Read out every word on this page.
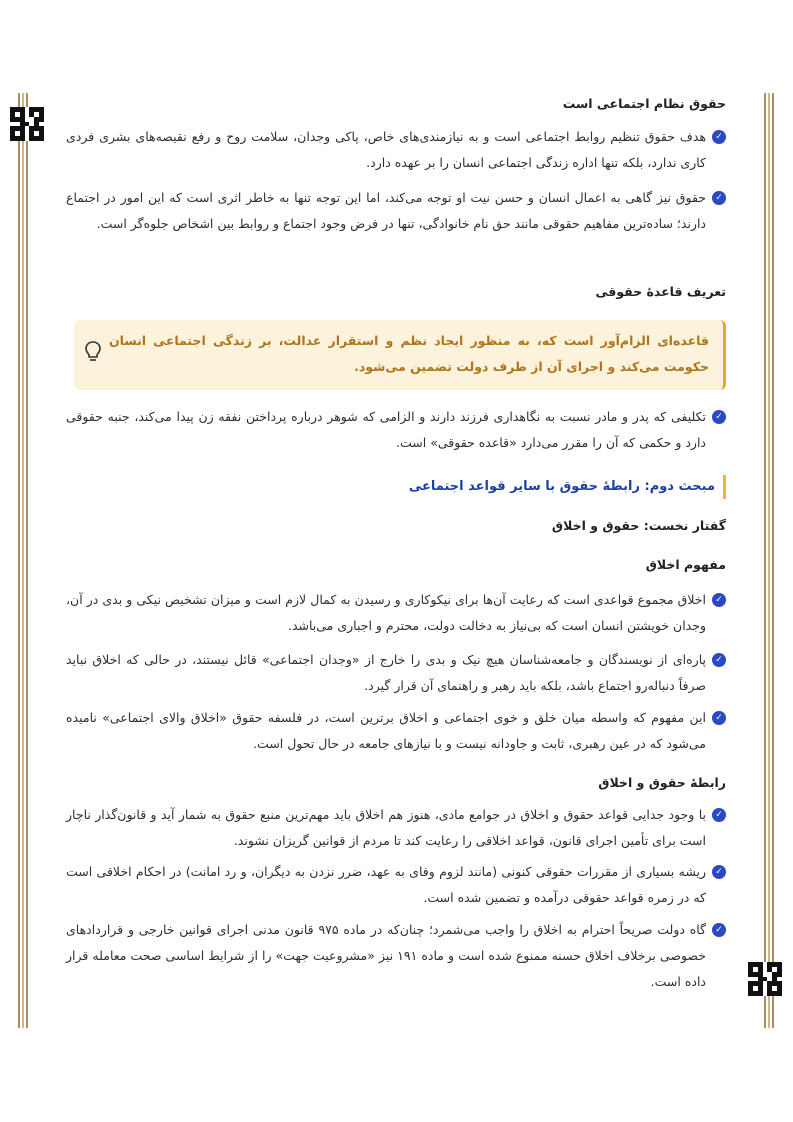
حقوق نظام اجتماعی است
✓
هدف حقوق تنظیم روابط اجتماعی است و به نیازمندی‌های خاص، پاکی وجدان، سلامت روح و رفع نقیصه‌های بشری فردی کاری ندارد، بلکه تنها اداره زندگی اجتماعی انسان را بر عهده دارد.
✓
حقوق نیز گاهی به اعمال انسان و حسن نیت او توجه می‌کند، اما این توجه تنها به خاطر اثری است که این امور در اجتماع دارند؛ ساده‌ترین مفاهیم حقوقی مانند حق نام خانوادگی، تنها در فرض وجود اجتماع و روابط بین اشخاص جلوه‌گر است.
تعریف قاعدهٔ حقوقی
قاعده‌ای الزام‌آور است که، به منظور ایجاد نظم و استقرار عدالت، بر زندگی اجتماعی انسان حکومت می‌کند و اجرای آن از طرف دولت تضمین می‌شود.
✓
تکلیفی که پدر و مادر نسبت به نگاهداری فرزند دارند و الزامی که شوهر درباره پرداختن نفقه زن پیدا می‌کند، جنبه حقوقی دارد و حکمی که آن را مقرر می‌دارد «قاعده حقوقی» است.
مبحث دوم: رابطهٔ حقوق با سایر قواعد اجتماعی
گفتار نخست: حقوق و اخلاق
مفهوم اخلاق
✓
اخلاق مجموع قواعدی است که رعایت آن‌ها برای نیکوکاری و رسیدن به کمال لازم است و میزان تشخیص نیکی و بدی در آن، وجدان خویشتن انسان است که بی‌نیاز به دخالت دولت، محترم و اجباری می‌باشد.
✓
پاره‌ای از نویسندگان و جامعه‌شناسان هیچ نیک و بدی را خارج از «وجدان اجتماعی» قائل نیستند، در حالی که اخلاق نباید صرفاً دنباله‌رو اجتماع باشد، بلکه باید رهبر و راهنمای آن قرار گیرد.
✓
این مفهوم که واسطه میان خلق و خوی اجتماعی و اخلاق برترین است، در فلسفه حقوق «اخلاق والای اجتماعی» نامیده می‌شود که در عین رهبری، ثابت و جاودانه نیست و با نیازهای جامعه در حال تحول است.
رابطهٔ حقوق و اخلاق
✓
با وجود جدایی قواعد حقوق و اخلاق در جوامع مادی، هنوز هم اخلاق باید مهم‌ترین منبع حقوق به شمار آید و قانون‌گذار ناچار است برای تأمین اجرای قانون، قواعد اخلاقی را رعایت کند تا مردم از قوانین گریزان نشوند.
✓
ریشه بسیاری از مقررات حقوقی کنونی (مانند لزوم وفای به عهد، ضرر نزدن به دیگران، و رد امانت) در احکام اخلاقی است که در زمره قواعد حقوقی درآمده و تضمین شده است.
✓
گاه دولت صریحاً احترام به اخلاق را واجب می‌شمرد؛ چنان‌که در ماده ۹۷۵ قانون مدنی اجرای قوانین خارجی و قراردادهای خصوصی برخلاف اخلاق حسنه ممنوع شده است و ماده ۱۹۱ نیز «مشروعیت جهت» را از شرایط اساسی صحت معامله قرار داده است.
